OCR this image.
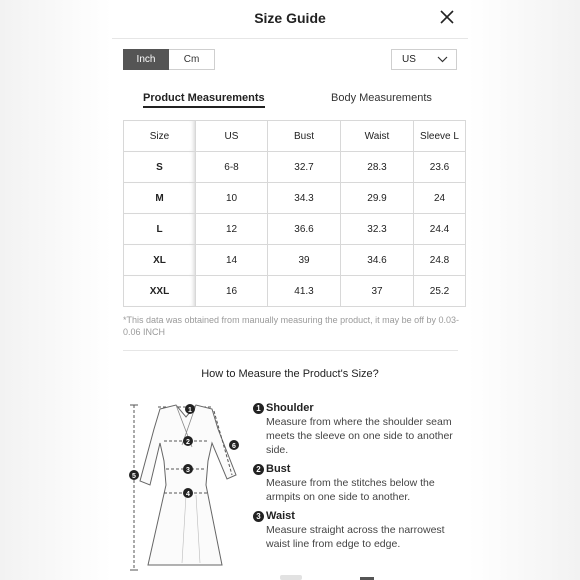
Size Guide
Inch	Cm	US
Product Measurements	Body Measurements
Size	US	Bust	Waist	Sleeve L
S	6-8	32.7	28.3	23.6
M	10	34.3	29.9	24
L	12	36.6	32.3	24.4
XL	14	39	34.6	24.8
XXL	16	41.3	37	25.2
*This data was obtained from manually measuring the product, it may be off by 0.03-0.06 INCH
How to Measure the Product's Size?
1
2
3
4
5
6
1 Shoulder
Measure from where the shoulder seam meets the sleeve on one side to another side.
2 Bust
Measure from the stitches below the armpits on one side to another.
3 Waist
Measure straight across the narrowest waist line from edge to edge.
